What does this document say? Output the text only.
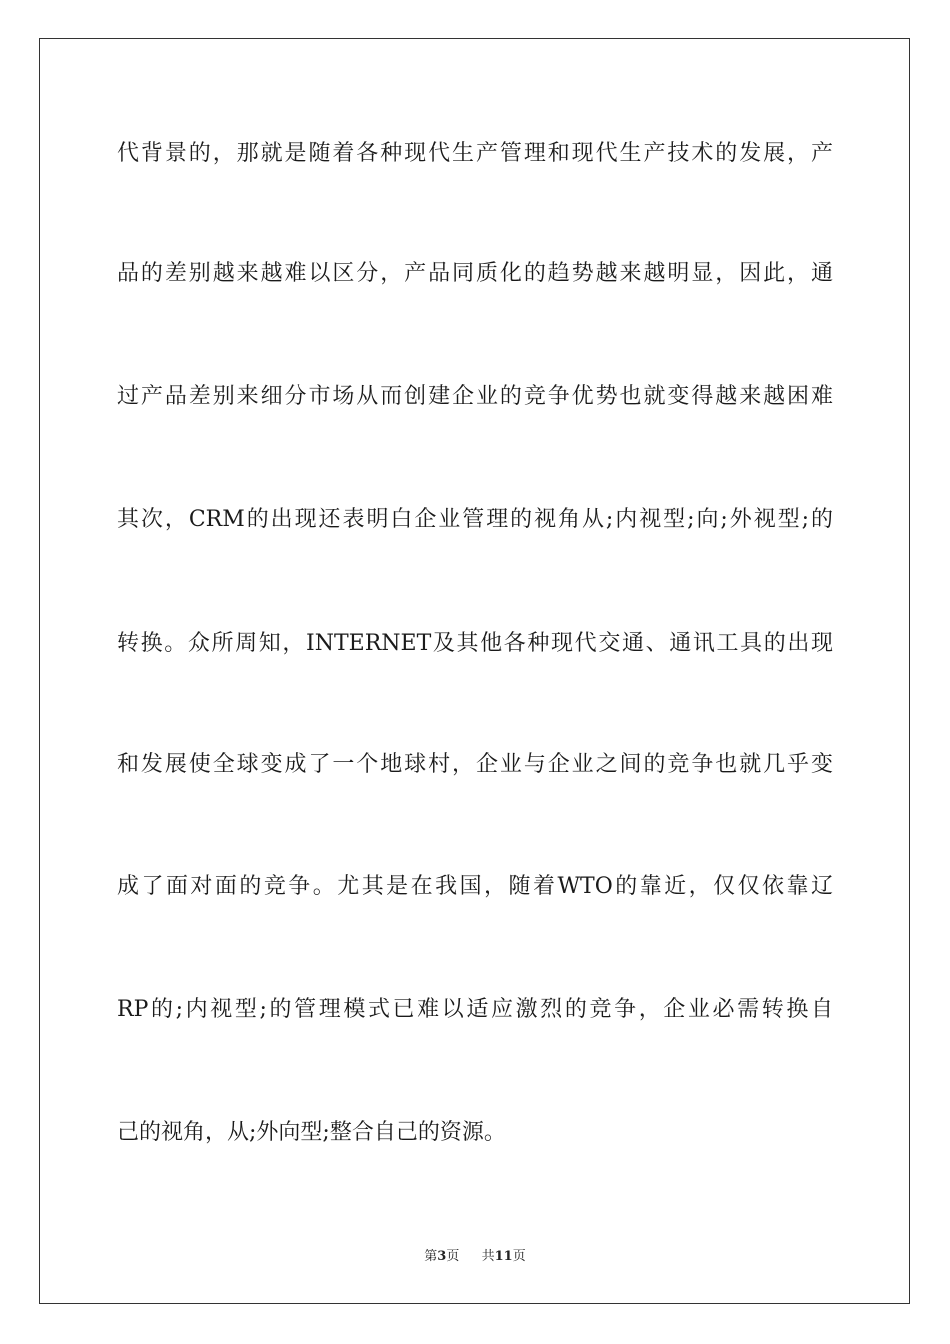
代背景的，那就是随着各种现代生产管理和现代生产技术的发展，产
品的差别越来越难以区分，产品同质化的趋势越来越明显，因此，通
过产品差别来细分市场从而创建企业的竞争优势也就变得越来越困难
其次，CRM的出现还表明白企业管理的视角从;内视型;向;外视型;的
转换。众所周知，INTERNET及其他各种现代交通、通讯工具的出现
和发展使全球变成了一个地球村，企业与企业之间的竞争也就几乎变
成了面对面的竞争。尤其是在我国，随着WTO的靠近，仅仅依靠辽
RP的;内视型;的管理模式已难以适应激烈的竞争，企业必需转换自
己的视角，从;外向型;整合自己的资源。
第3页 共11页
